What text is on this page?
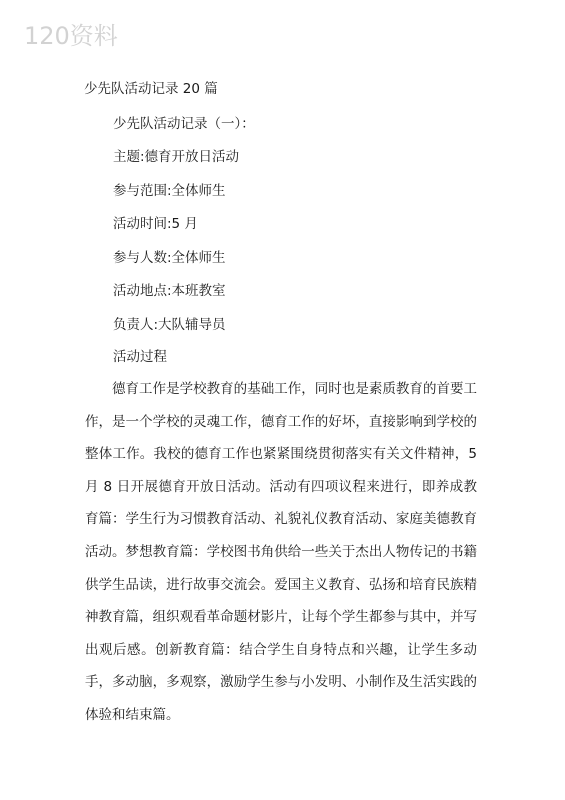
120资料
少先队活动记录 20 篇
少先队活动记录（一）：
主题:德育开放日活动
参与范围:全体师生
活动时间:5 月
参与人数:全体师生
活动地点:本班教室
负责人:大队辅导员
活动过程
德育工作是学校教育的基础工作，同时也是素质教育的首要工作，是一个学校的灵魂工作，德育工作的好坏，直接影响到学校的整体工作。我校的德育工作也紧紧围绕贯彻落实有关文件精神，5 月 8 日开展德育开放日活动。活动有四项议程来进行，即养成教育篇：学生行为习惯教育活动、礼貌礼仪教育活动、家庭美德教育活动。梦想教育篇：学校图书角供给一些关于杰出人物传记的书籍供学生品读，进行故事交流会。爱国主义教育、弘扬和培育民族精神教育篇，组织观看革命题材影片，让每个学生都参与其中，并写出观后感。创新教育篇：结合学生自身特点和兴趣，让学生多动手，多动脑，多观察，激励学生参与小发明、小制作及生活实践的体验和结束篇。
